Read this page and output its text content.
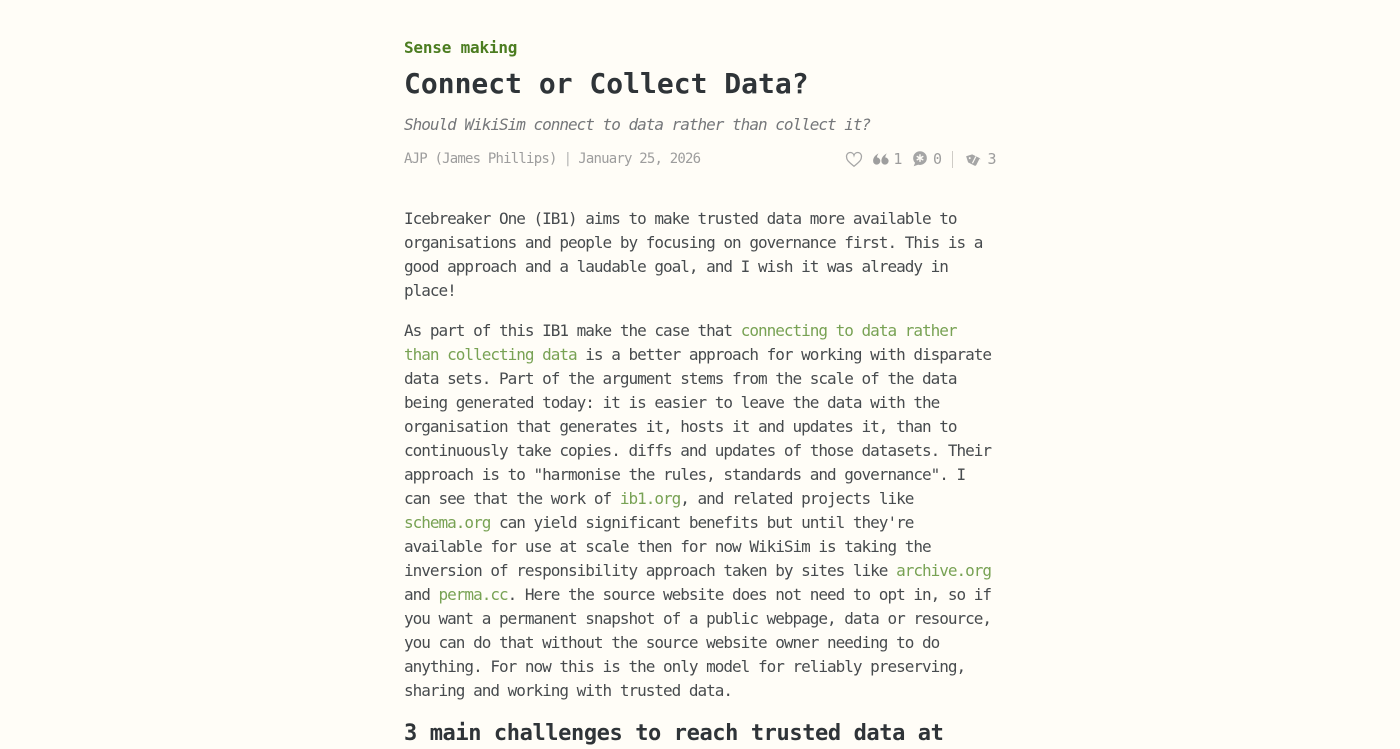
Sense making
Connect or Collect Data?

Should WikiSim connect to data rather than collect it?

AJP (James Phillips) | January 25, 2026	1 0	3

Icebreaker One (IB1) aims to make trusted data more available to organisations and people by focusing on governance first. This is a good approach and a laudable goal, and I wish it was already in place!

As part of this IB1 make the case that connecting to data rather than collecting data is a better approach for working with disparate data sets. Part of the argument stems from the scale of the data being generated today: it is easier to leave the data with the organisation that generates it, hosts it and updates it, than to continuously take copies. diffs and updates of those datasets. Their approach is to "harmonise the rules, standards and governance". I can see that the work of ib1.org, and related projects like schema.org can yield significant benefits but until they're available for use at scale then for now WikiSim is taking the inversion of responsibility approach taken by sites like archive.org and perma.cc. Here the source website does not need to opt in, so if you want a permanent snapshot of a public webpage, data or resource, you can do that without the source website owner needing to do anything. For now this is the only model for reliably preserving, sharing and working with trusted data.

3 main challenges to reach trusted data at
